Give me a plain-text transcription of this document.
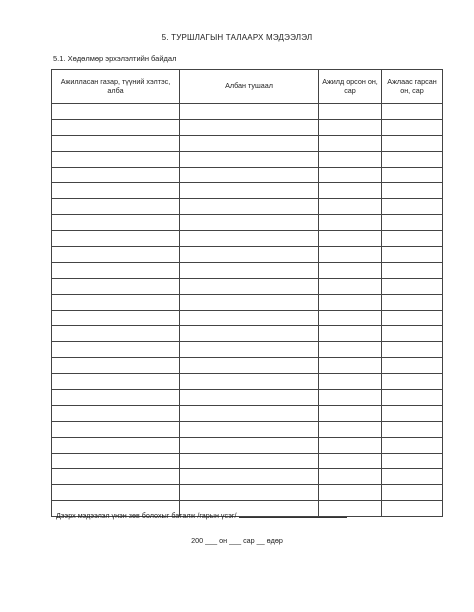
5. ТУРШЛАГЫН ТАЛААРХ МЭДЭЭЛЭЛ
5.1. Хөдөлмөр эрхэлэлтийн байдал
Ажилласан газар, түүний хэлтэс, алба	Албан тушаал	Ажилд орсон он, сар	Ажлаас гарсан он, сар

Дээрх мэдээлэл үнэн зөв болохыг баталж /гарын үсэг/
200 ___ он ___ сар __ өдөр
